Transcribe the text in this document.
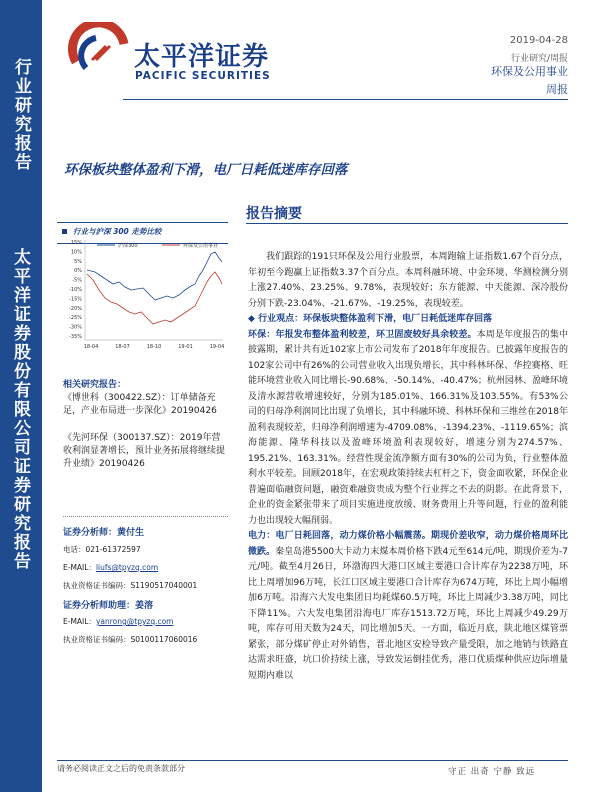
行业研究报告
太平洋证券股份有限公司证券研究报告
太平洋证券
PACIFIC SECURITIES
2019-04-28
行业研究/周报
环保及公用事业
周报
环保板块整体盈利下滑，电厂日耗低迷库存回落
行业与沪深 300 走势比较
15%
10%
5%
0%
-5%
-10%
-15%
-20%
-25%
-30%
-35%
18-04	18-07	18-10	19-01	19-04
沪深300	环保及公用事业
相关研究报告：
《博世科（300422.SZ）：订单储备充足，产业布局进一步深化》20190426
《先河环保（300137.SZ）：2019年营收利润显著增长，预计业务拓展将继续提升业绩》20190426
证券分析师：黄付生
电话：021-61372597
E-MAIL：liufs@tpyzq.com
执业资格证书编码：S1190517040001
证券分析师助理：姜溶
E-MAIL：yanrong@tpyzq.com
执业资格证书编码：S0100117060016
报告摘要

我们跟踪的191只环保及公用行业股票，本周跑输上证指数1.67个百分点，年初至今跑赢上证指数3.37个百分点。本周科融环境、中金环境、华测检测分别上涨27.40%、23.25%、9.78%，表现较好；东方能源、中天能源、深冷股份分别下跌-23.04%、-21.67%、-19.25%，表现较差。

◆ 行业观点：环保板块整体盈利下滑，电厂日耗低迷库存回落

环保：年报发布整体盈利较差，环卫固废较好具余较差。本周是年度报告的集中披露期，累计共有近102家上市公司发布了2018年年度报告。已披露年度报告的102家公司中有26%的公司营业收入出现负增长，其中科林环保、华控赛格、旺能环境营业收入同比增长-90.68%、-50.14%、-40.47%；杭州园林、盈峰环境及清水源营收增速较好，分别为185.01%、166.31%及103.55%。有53%公司的归母净利润同比出现了负增长，其中科融环境、科林环保和三维丝在2018年盈利表现较差，归母净利润增速为-4709.08%、-1394.23%、-1119.65%；滨海能源、隆华科技以及盈峰环境盈利表现较好，增速分别为274.57%、195.21%、163.31%。经营性现金流净额方面有30%的公司为负，行业整体盈利水平较差。回顾2018年，在宏观政策持续去杠杆之下，资金面收紧，环保企业普遍面临融资问题，融资难融资贵成为整个行业挥之不去的阴影。在此背景下，企业的资金紧张带来了项目实施进度放缓、财务费用上升等问题，行业的盈利能力也出现较大幅削弱。

电力：电厂日耗回落，动力煤价格小幅震荡。期现价差收窄，动力煤价格周环比微跌。秦皇岛港5500大卡动力末煤本周价格下跌4元至614元/吨，期现价差为-7元/吨。截至4月26日，环渤海四大港口区域主要港口合计库存为2238万吨，环比上周增加96万吨，长江口区域主要港口合计库存为674万吨，环比上周小幅增加6万吨。沿海六大发电集团日均耗煤60.5万吨，环比上周减少3.38万吨，同比下降11%。六大发电集团沿海电厂库存1513.72万吨，环比上周减少49.29万吨，库存可用天数为24天，同比增加5天。一方面，临近月底，陕北地区煤管票紧张，部分煤矿停止对外销售，晋北地区安检导致产量受限，加之地销与铁路直达需求旺盛，坑口价持续上涨，导致发运倒挂优秀，港口优质煤种供应边际增量短期内难以

请务必阅读正文之后的免责条款部分	守正 出奇 宁静 致远
